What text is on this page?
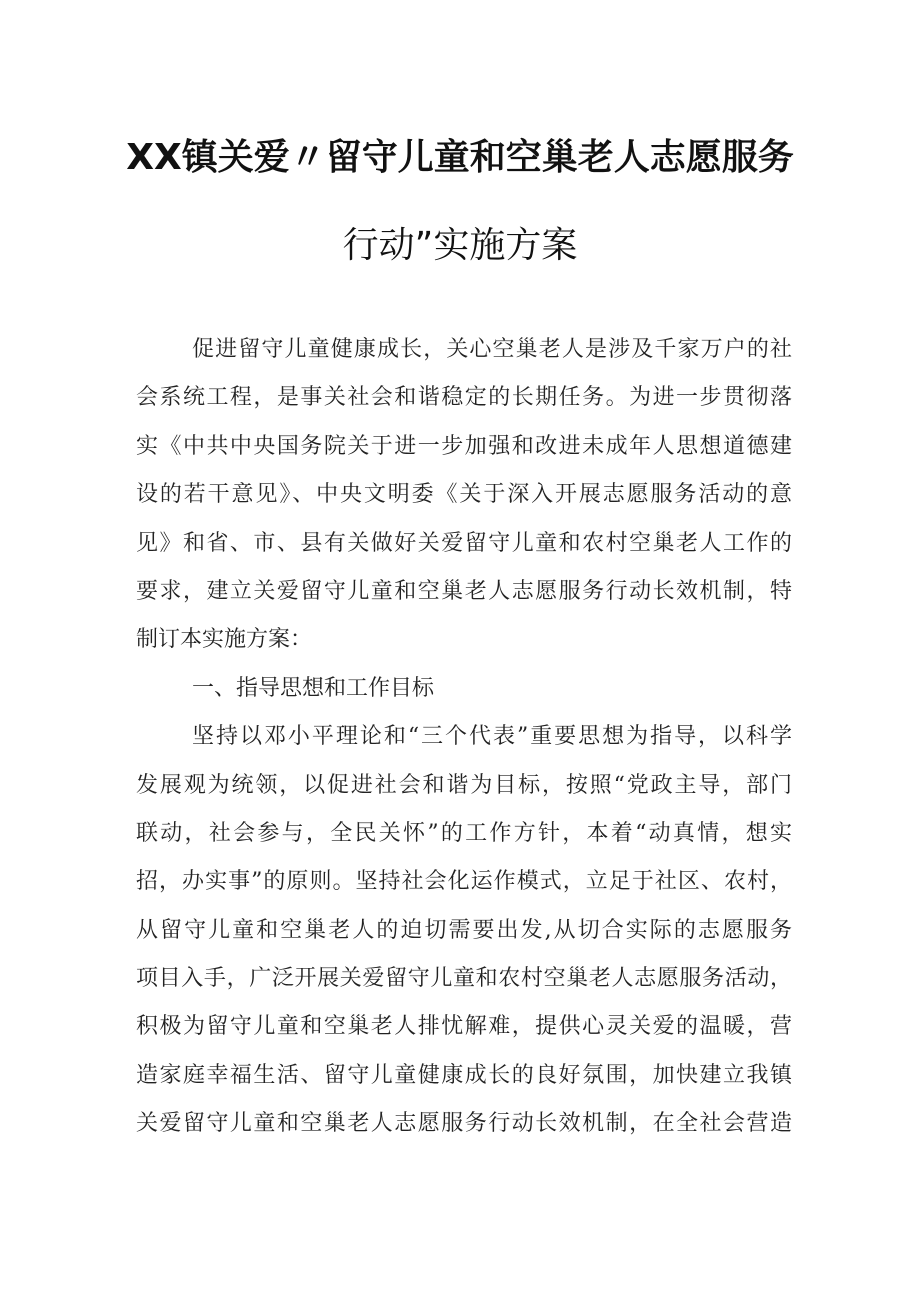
XX镇关爱〃留守儿童和空巢老人志愿服务
行动”实施方案
促进留守儿童健康成长，关心空巢老人是涉及千家万户的社
会系统工程，是事关社会和谐稳定的长期任务。为进一步贯彻落
实《中共中央国务院关于进一步加强和改进未成年人思想道德建
设的若干意见》、中央文明委《关于深入开展志愿服务活动的意
见》和省、市、县有关做好关爱留守儿童和农村空巢老人工作的
要求，建立关爱留守儿童和空巢老人志愿服务行动长效机制，特
制订本实施方案：
一、指导思想和工作目标
坚持以邓小平理论和“三个代表”重要思想为指导，以科学
发展观为统领，以促进社会和谐为目标，按照“党政主导，部门
联动，社会参与，全民关怀”的工作方针，本着“动真情，想实
招，办实事”的原则。坚持社会化运作模式，立足于社区、农村，
从留守儿童和空巢老人的迫切需要出发,从切合实际的志愿服务
项目入手，广泛开展关爱留守儿童和农村空巢老人志愿服务活动，
积极为留守儿童和空巢老人排忧解难，提供心灵关爱的温暖，营
造家庭幸福生活、留守儿童健康成长的良好氛围，加快建立我镇
关爱留守儿童和空巢老人志愿服务行动长效机制，在全社会营造
